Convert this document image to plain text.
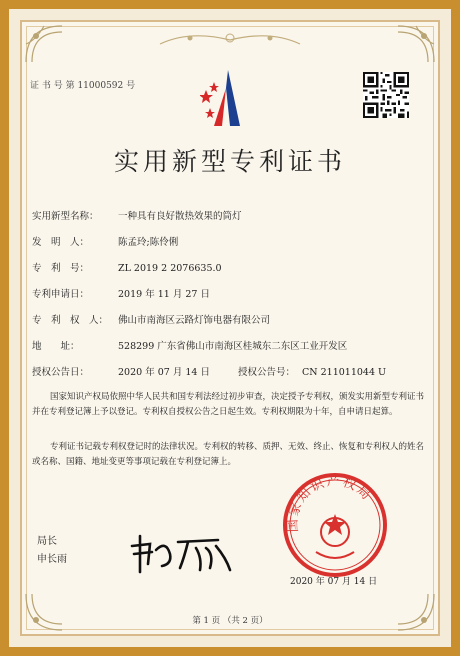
证 书 号 第 11000592 号
实用新型专利证书
实用新型名称： 一种具有良好散热效果的筒灯
发　明　人：	陈孟玲;陈伶俐
专　利　号：	ZL 2019 2 2076635.0
专利申请日：	2019 年 11 月 27 日
专　利　权　人： 佛山市南海区云路灯饰电器有限公司
地　　址：	528299 广东省佛山市南海区桂城东二东区工业开发区
授权公告日：	2020 年 07 月 14 日	授权公告号： CN 211011044 U
国家知识产权局依照中华人民共和国专利法经过初步审查，决定授予专利权，颁发实用新型专利证书并在专利登记簿上予以登记。专利权自授权公告之日起生效。专利权期限为十年，自申请日起算。
专利证书记载专利权登记时的法律状况。专利权的转移、质押、无效、终止、恢复和专利权人的姓名或名称、国籍、地址变更等事项记载在专利登记簿上。
局长
申长雨
国家知识产权局
2020 年 07 月 14 日
第 1 页 （共 2 页）
